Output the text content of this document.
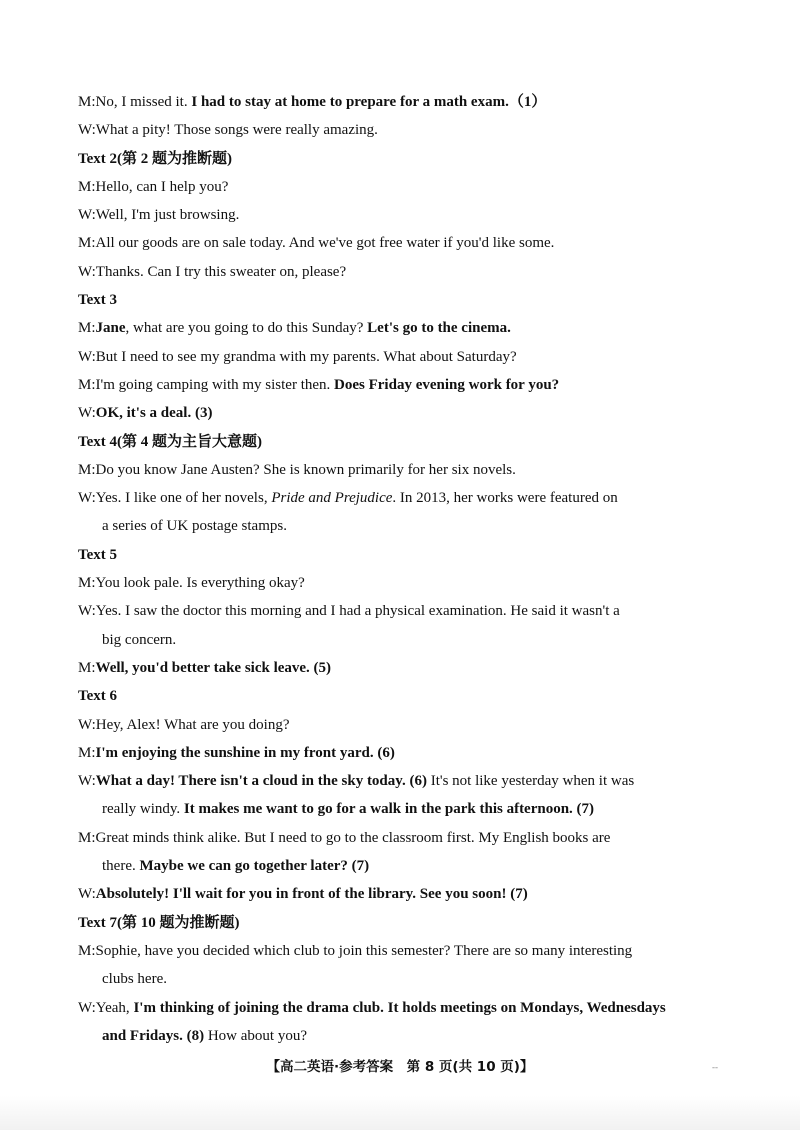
M:No, I missed it. I had to stay at home to prepare for a math exam.（1）
W:What a pity! Those songs were really amazing.
Text 2(第 2 题为推断题)
M:Hello, can I help you?
W:Well, I'm just browsing.
M:All our goods are on sale today. And we've got free water if you'd like some.
W:Thanks. Can I try this sweater on, please?
Text 3
M:Jane, what are you going to do this Sunday? Let's go to the cinema.
W:But I need to see my grandma with my parents. What about Saturday?
M:I'm going camping with my sister then. Does Friday evening work for you?
W:OK, it's a deal. (3)
Text 4(第 4 题为主旨大意题)
M:Do you know Jane Austen? She is known primarily for her six novels.
W:Yes. I like one of her novels, Pride and Prejudice. In 2013, her works were featured on
a series of UK postage stamps.
Text 5
M:You look pale. Is everything okay?
W:Yes. I saw the doctor this morning and I had a physical examination. He said it wasn't a
big concern.
M:Well, you'd better take sick leave. (5)
Text 6
W:Hey, Alex! What are you doing?
M:I'm enjoying the sunshine in my front yard. (6)
W:What a day! There isn't a cloud in the sky today. (6) It's not like yesterday when it was
really windy. It makes me want to go for a walk in the park this afternoon. (7)
M:Great minds think alike. But I need to go to the classroom first. My English books are
there. Maybe we can go together later? (7)
W:Absolutely! I'll wait for you in front of the library. See you soon! (7)
Text 7(第 10 题为推断题)
M:Sophie, have you decided which club to join this semester? There are so many interesting
clubs here.
W:Yeah, I'm thinking of joining the drama club. It holds meetings on Mondays, Wednesdays
and Fridays. (8) How about you?
【高二英语·参考答案　第 8 页(共 10 页)】	--
